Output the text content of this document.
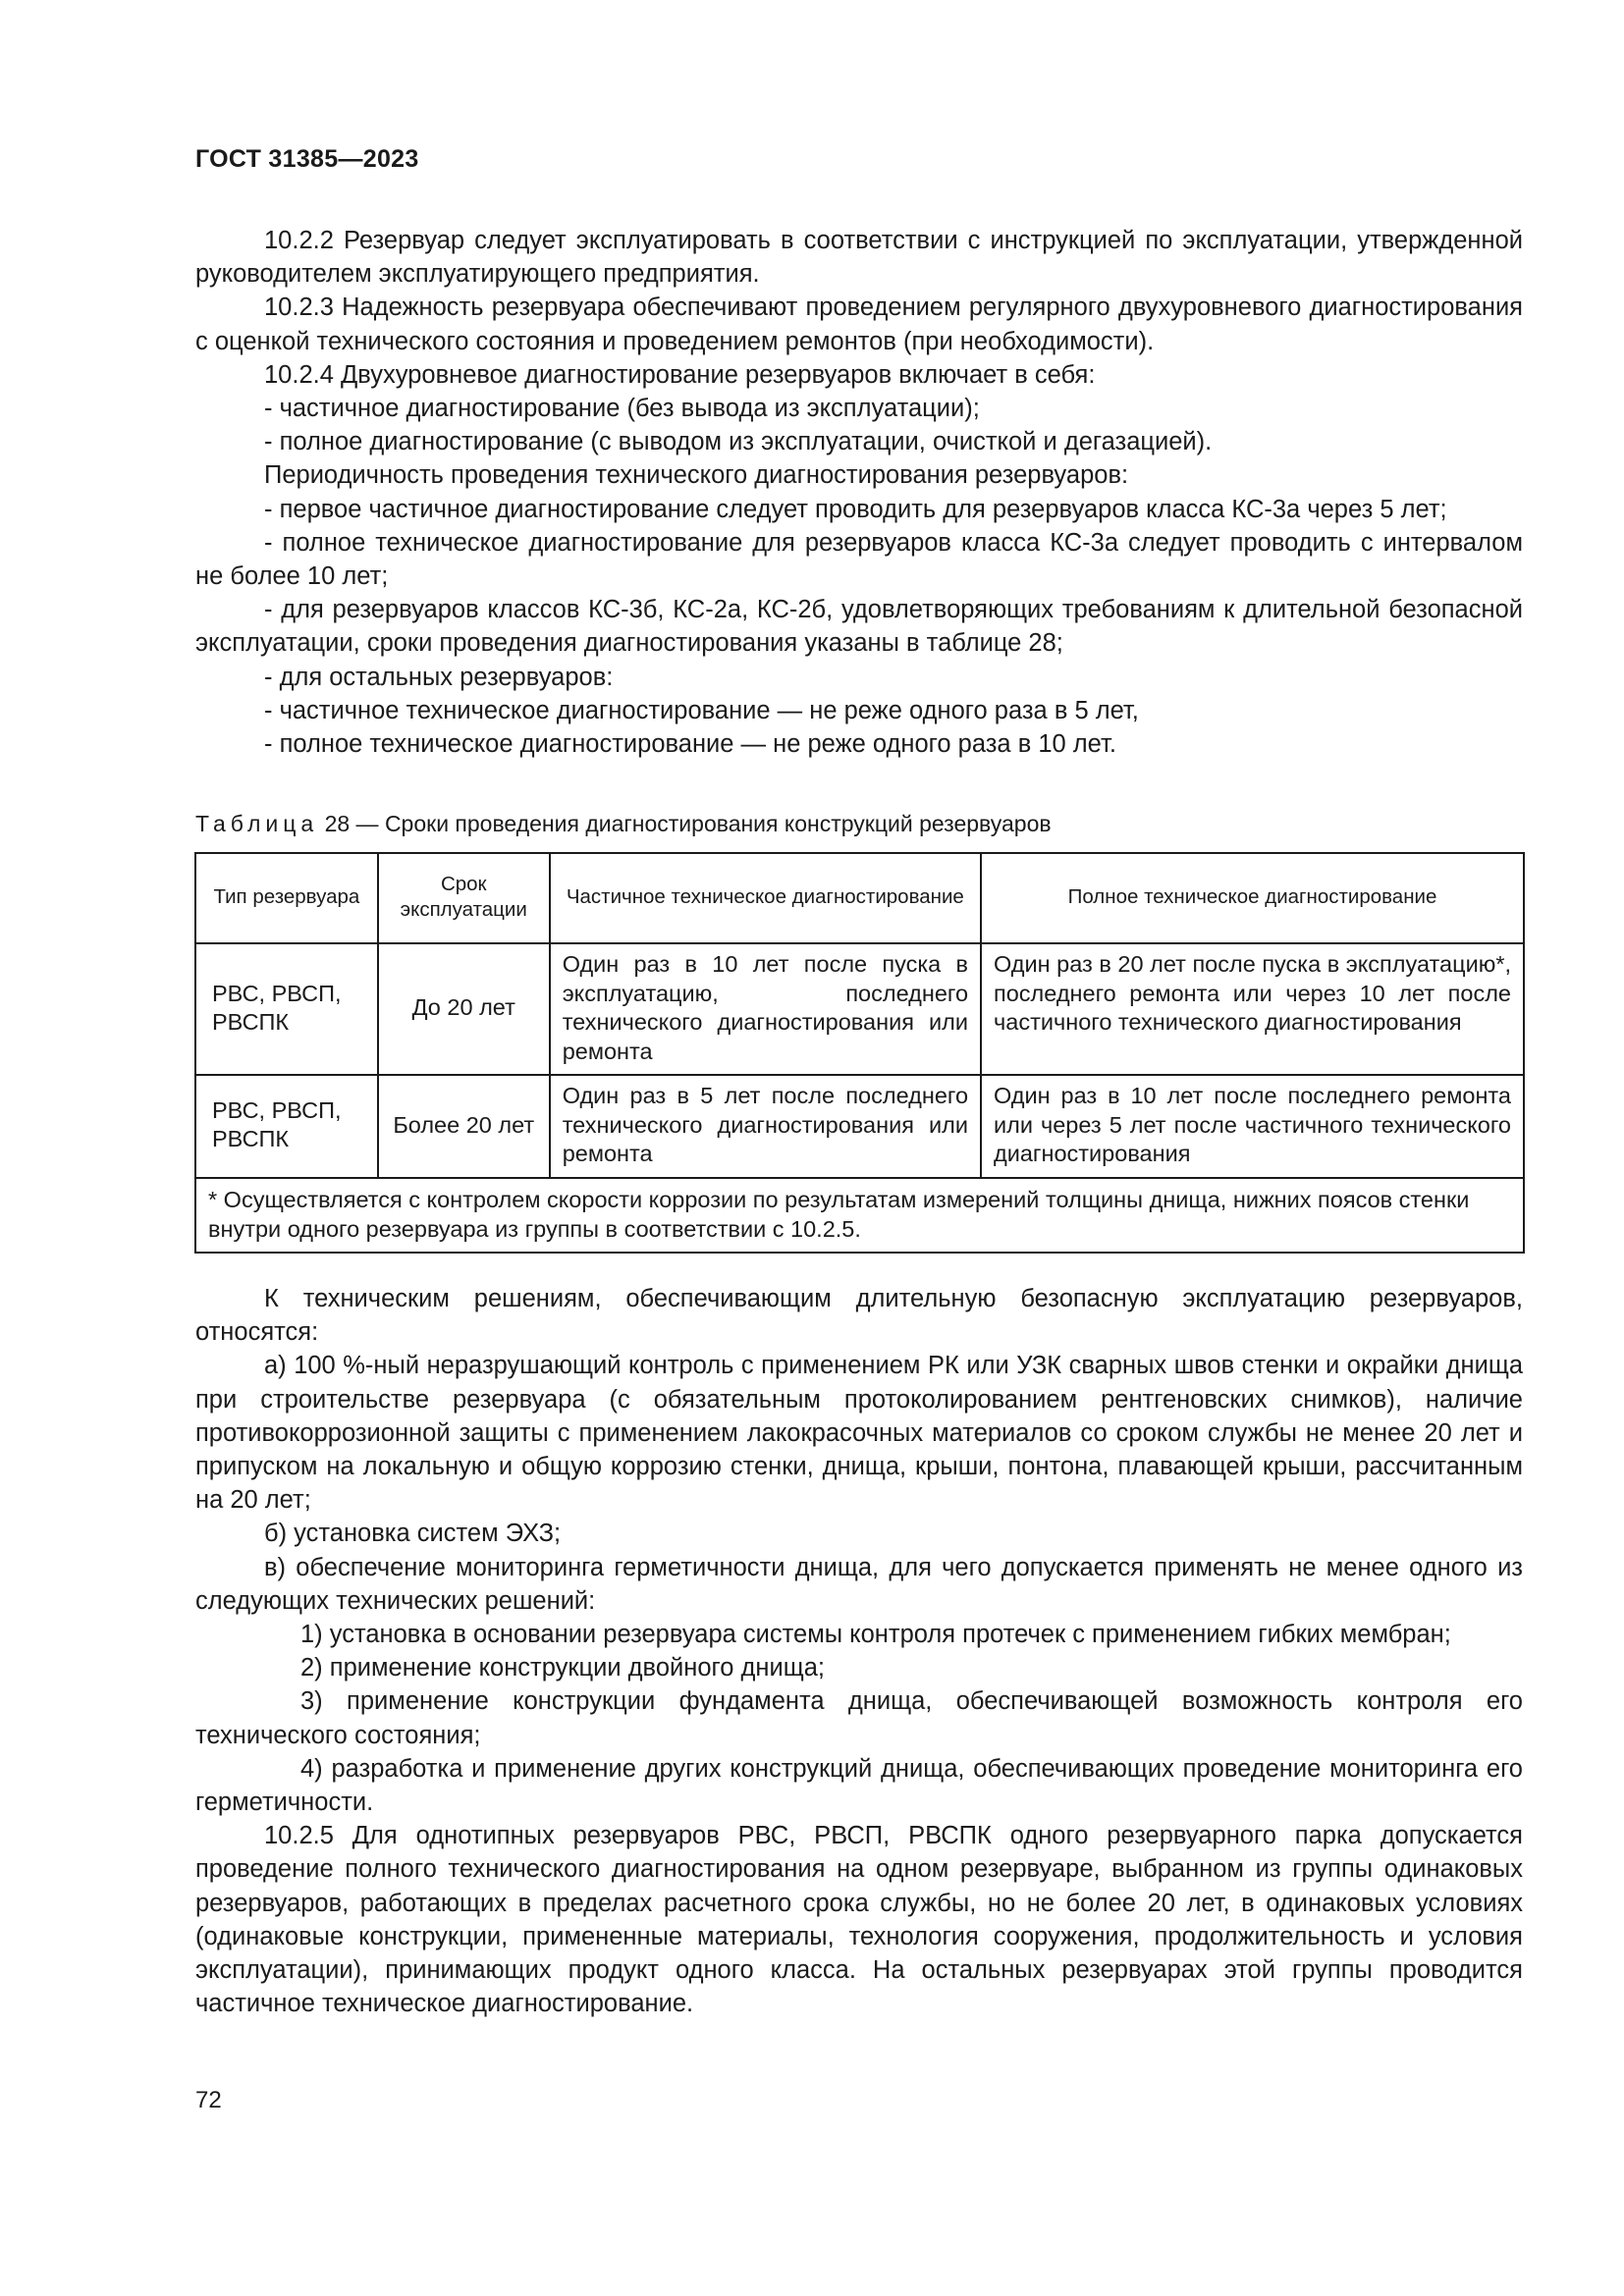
ГОСТ 31385—2023

10.2.2 Резервуар следует эксплуатировать в соответствии с инструкцией по эксплуатации, утвержденной руководителем эксплуатирующего предприятия.

10.2.3 Надежность резервуара обеспечивают проведением регулярного двухуровневого диагностирования с оценкой технического состояния и проведением ремонтов (при необходимости).

10.2.4 Двухуровневое диагностирование резервуаров включает в себя:

- частичное диагностирование (без вывода из эксплуатации);

- полное диагностирование (с выводом из эксплуатации, очисткой и дегазацией).

Периодичность проведения технического диагностирования резервуаров:

- первое частичное диагностирование следует проводить для резервуаров класса КС-3а через 5 лет;

- полное техническое диагностирование для резервуаров класса КС-3а следует проводить с интервалом не более 10 лет;

- для резервуаров классов КС-3б, КС-2а, КС-2б, удовлетворяющих требованиям к длительной безопасной эксплуатации, сроки проведения диагностирования указаны в таблице 28;

- для остальных резервуаров:

- частичное техническое диагностирование — не реже одного раза в 5 лет,

- полное техническое диагностирование — не реже одного раза в 10 лет.

Таблица 28 — Сроки проведения диагностирования конструкций резервуаров
Тип резервуара	Срок эксплуатации	Частичное техническое диагностирование	Полное техническое диагностирование
РВС, РВСП, РВСПК	До 20 лет	Один раз в 10 лет после пуска в эксплуатацию, последнего технического диагностирования или ремонта	Один раз в 20 лет после пуска в эксплуатацию*, последнего ремонта или через 10 лет после частичного технического диагностирования
РВС, РВСП, РВСПК	Более 20 лет	Один раз в 5 лет после последнего технического диагностирования или ремонта	Один раз в 10 лет после последнего ремонта или через 5 лет после частичного технического диагностирования
* Осуществляется с контролем скорости коррозии по результатам измерений толщины днища, нижних поясов стенки внутри одного резервуара из группы в соответствии с 10.2.5.			

К техническим решениям, обеспечивающим длительную безопасную эксплуатацию резервуаров, относятся:

а) 100 %-ный неразрушающий контроль с применением РК или УЗК сварных швов стенки и окрайки днища при строительстве резервуара (с обязательным протоколированием рентгеновских снимков), наличие противокоррозионной защиты с применением лакокрасочных материалов со сроком службы не менее 20 лет и припуском на локальную и общую коррозию стенки, днища, крыши, понтона, плавающей крыши, рассчитанным на 20 лет;

б) установка систем ЭХЗ;

в) обеспечение мониторинга герметичности днища, для чего допускается применять не менее одного из следующих технических решений:

1) установка в основании резервуара системы контроля протечек с применением гибких мембран;

2) применение конструкции двойного днища;

3) применение конструкции фундамента днища, обеспечивающей возможность контроля его технического состояния;

4) разработка и применение других конструкций днища, обеспечивающих проведение мониторинга его герметичности.

10.2.5 Для однотипных резервуаров РВС, РВСП, РВСПК одного резервуарного парка допускается проведение полного технического диагностирования на одном резервуаре, выбранном из группы одинаковых резервуаров, работающих в пределах расчетного срока службы, но не более 20 лет, в одинаковых условиях (одинаковые конструкции, примененные материалы, технология сооружения, продолжительность и условия эксплуатации), принимающих продукт одного класса. На остальных резервуарах этой группы проводится частичное техническое диагностирование.

72
